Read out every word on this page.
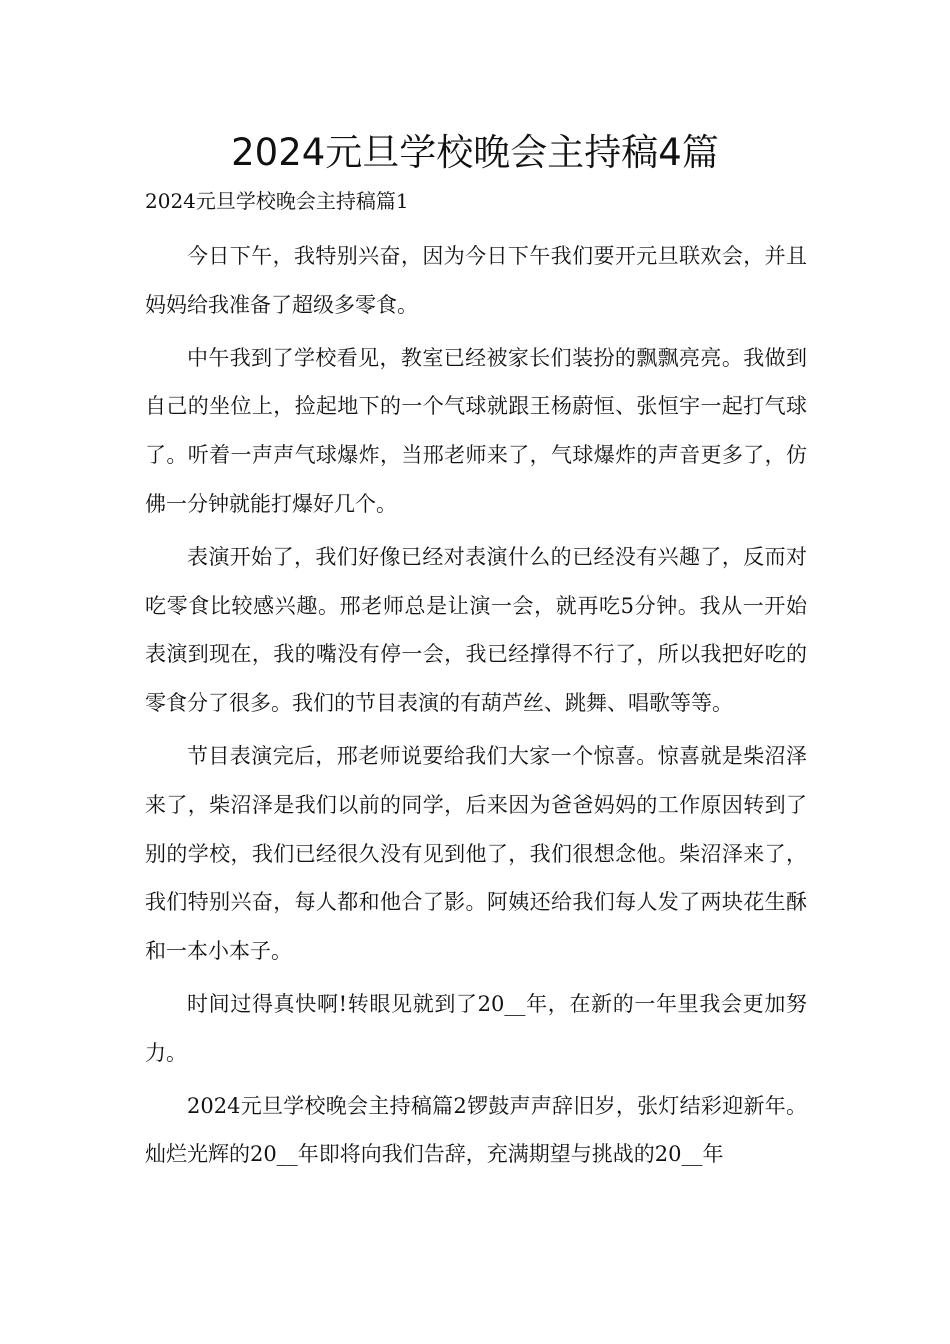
2024元旦学校晚会主持稿4篇
2024元旦学校晚会主持稿篇1

今日下午，我特别兴奋，因为今日下午我们要开元旦联欢会，并且妈妈给我准备了超级多零食。

中午我到了学校看见，教室已经被家长们装扮的飘飘亮亮。我做到自己的坐位上，捡起地下的一个气球就跟王杨蔚恒、张恒宇一起打气球了。听着一声声气球爆炸，当邢老师来了，气球爆炸的声音更多了，仿佛一分钟就能打爆好几个。

表演开始了，我们好像已经对表演什么的已经没有兴趣了，反而对吃零食比较感兴趣。邢老师总是让演一会，就再吃5分钟。我从一开始表演到现在，我的嘴没有停一会，我已经撑得不行了，所以我把好吃的零食分了很多。我们的节目表演的有葫芦丝、跳舞、唱歌等等。

节目表演完后，邢老师说要给我们大家一个惊喜。惊喜就是柴沼泽来了，柴沼泽是我们以前的同学，后来因为爸爸妈妈的工作原因转到了别的学校，我们已经很久没有见到他了，我们很想念他。柴沼泽来了，我们特别兴奋，每人都和他合了影。阿姨还给我们每人发了两块花生酥和一本小本子。

时间过得真快啊!转眼见就到了20__年，在新的一年里我会更加努力。

2024元旦学校晚会主持稿篇2锣鼓声声辞旧岁，张灯结彩迎新年。灿烂光辉的20__年即将向我们告辞，充满期望与挑战的20__年
